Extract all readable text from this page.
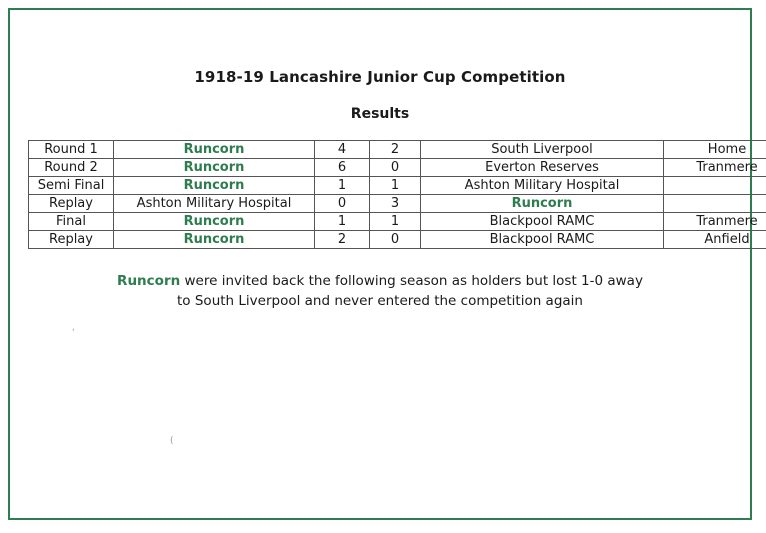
1918-19 Lancashire Junior Cup Competition
Results
Round 1	Runcorn	4	2	South Liverpool	Home
Round 2	Runcorn	6	0	Everton Reserves	Tranmere
Semi Final	Runcorn	1	1	Ashton Military Hospital	
Replay	Ashton Military Hospital	0	3	Runcorn	
Final	Runcorn	1	1	Blackpool RAMC	Tranmere
Replay	Runcorn	2	0	Blackpool RAMC	Anfield
Runcorn were invited back the following season as holders but lost 1-0 away
to South Liverpool and never entered the competition again
'
(
